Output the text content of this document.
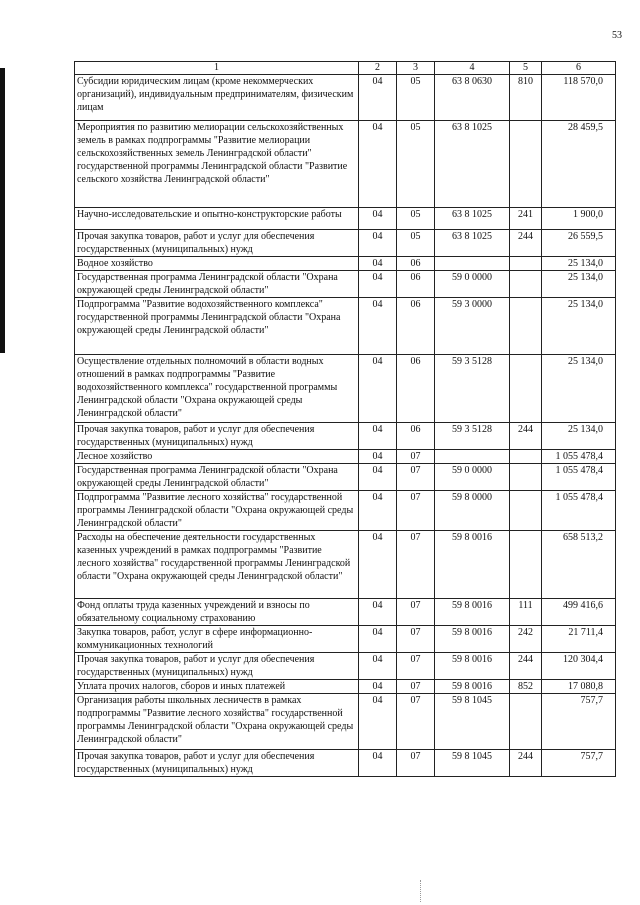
53
1	2	3	4	5	6
Субсидии юридическим лицам (кроме некоммерческих организаций), индивидуальным предпринимателям, физическим лицам	04	05	63 8 0630	810	118 570,0
Мероприятия по развитию мелиорации сельскохозяйственных земель в рамках подпрограммы "Развитие мелиорации сельскохозяйственных земель Ленинградской области" государственной программы Ленинградской области "Развитие сельского хозяйства Ленинградской области"	04	05	63 8 1025		28 459,5
Научно-исследовательские и опытно-конструкторские работы	04	05	63 8 1025	241	1 900,0
Прочая закупка товаров, работ и услуг для обеспечения государственных (муниципальных) нужд	04	05	63 8 1025	244	26 559,5
Водное хозяйство	04	06			25 134,0
Государственная программа Ленинградской области "Охрана окружающей среды Ленинградской области"	04	06	59 0 0000		25 134,0
Подпрограмма "Развитие водохозяйственного комплекса" государственной программы Ленинградской области "Охрана окружающей среды Ленинградской области"	04	06	59 3 0000		25 134,0
Осуществление отдельных полномочий в области водных отношений в рамках подпрограммы "Развитие водохозяйственного комплекса" государственной программы Ленинградской области "Охрана окружающей среды Ленинградской области"	04	06	59 3 5128		25 134,0
Прочая закупка товаров, работ и услуг для обеспечения государственных (муниципальных) нужд	04	06	59 3 5128	244	25 134,0
Лесное хозяйство	04	07			1 055 478,4
Государственная программа Ленинградской области "Охрана окружающей среды Ленинградской области"	04	07	59 0 0000		1 055 478,4
Подпрограмма "Развитие лесного хозяйства" государственной программы Ленинградской области "Охрана окружающей среды Ленинградской области"	04	07	59 8 0000		1 055 478,4
Расходы на обеспечение деятельности государственных казенных учреждений в рамках подпрограммы "Развитие лесного хозяйства" государственной программы Ленинградской области "Охрана окружающей среды Ленинградской области"	04	07	59 8 0016		658 513,2
Фонд оплаты труда казенных учреждений и взносы по обязательному социальному страхованию	04	07	59 8 0016	111	499 416,6
Закупка товаров, работ, услуг в сфере информационно-коммуникационных технологий	04	07	59 8 0016	242	21 711,4
Прочая закупка товаров, работ и услуг для обеспечения государственных (муниципальных) нужд	04	07	59 8 0016	244	120 304,4
Уплата прочих налогов, сборов и иных платежей	04	07	59 8 0016	852	17 080,8
Организация работы школьных лесничеств в рамках подпрограммы "Развитие лесного хозяйства" государственной программы Ленинградской области "Охрана окружающей среды Ленинградской области"	04	07	59 8 1045		757,7
Прочая закупка товаров, работ и услуг для обеспечения государственных (муниципальных) нужд	04	07	59 8 1045	244	757,7
